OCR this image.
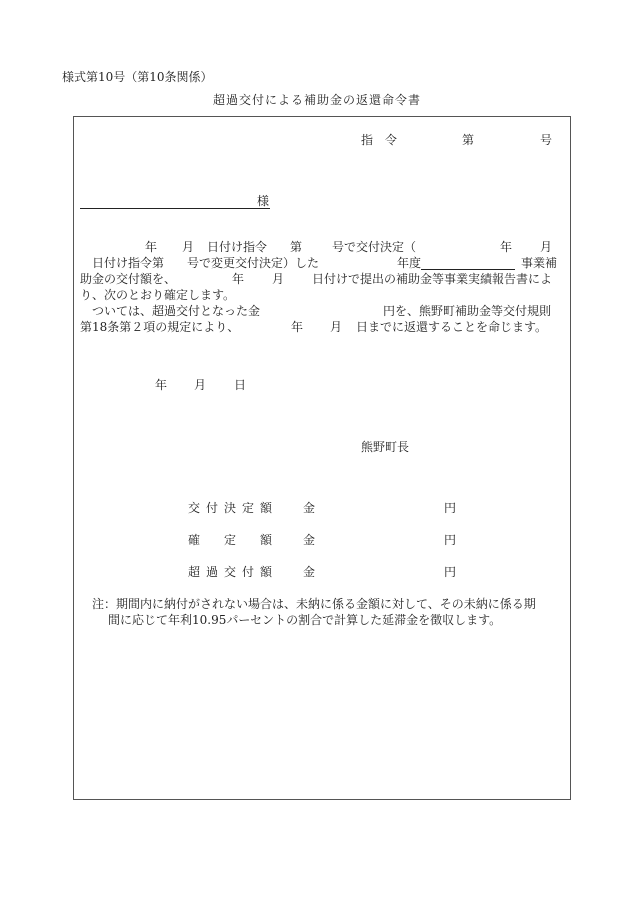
様式第10号（第10条関係）
超過交付による補助金の返還命令書
指　令	第	号
様
年 月 日付け指令 第 号で交付決定（	年 月
日付け指令 第 号で変更交付決定）した	年度	事業補
助金の交付額を、	年 月 日付けで提出の補助金等事業実績報告書によ
り、次のとおり確定します。
ついては、超過交付となった金	円を、熊野町補助金等交付規則
第18条第２項の規定により、	年 月 日までに返還することを命じます。
年 月 日
熊野町長
交付決定額 金	円
確　定　額 金	円
超過交付額 金	円
注：期間内に納付がされない場合は、未納に係る金額に対して、その未納に係る期
間に応じて年利10.95パーセントの割合で計算した延滞金を徴収します。
